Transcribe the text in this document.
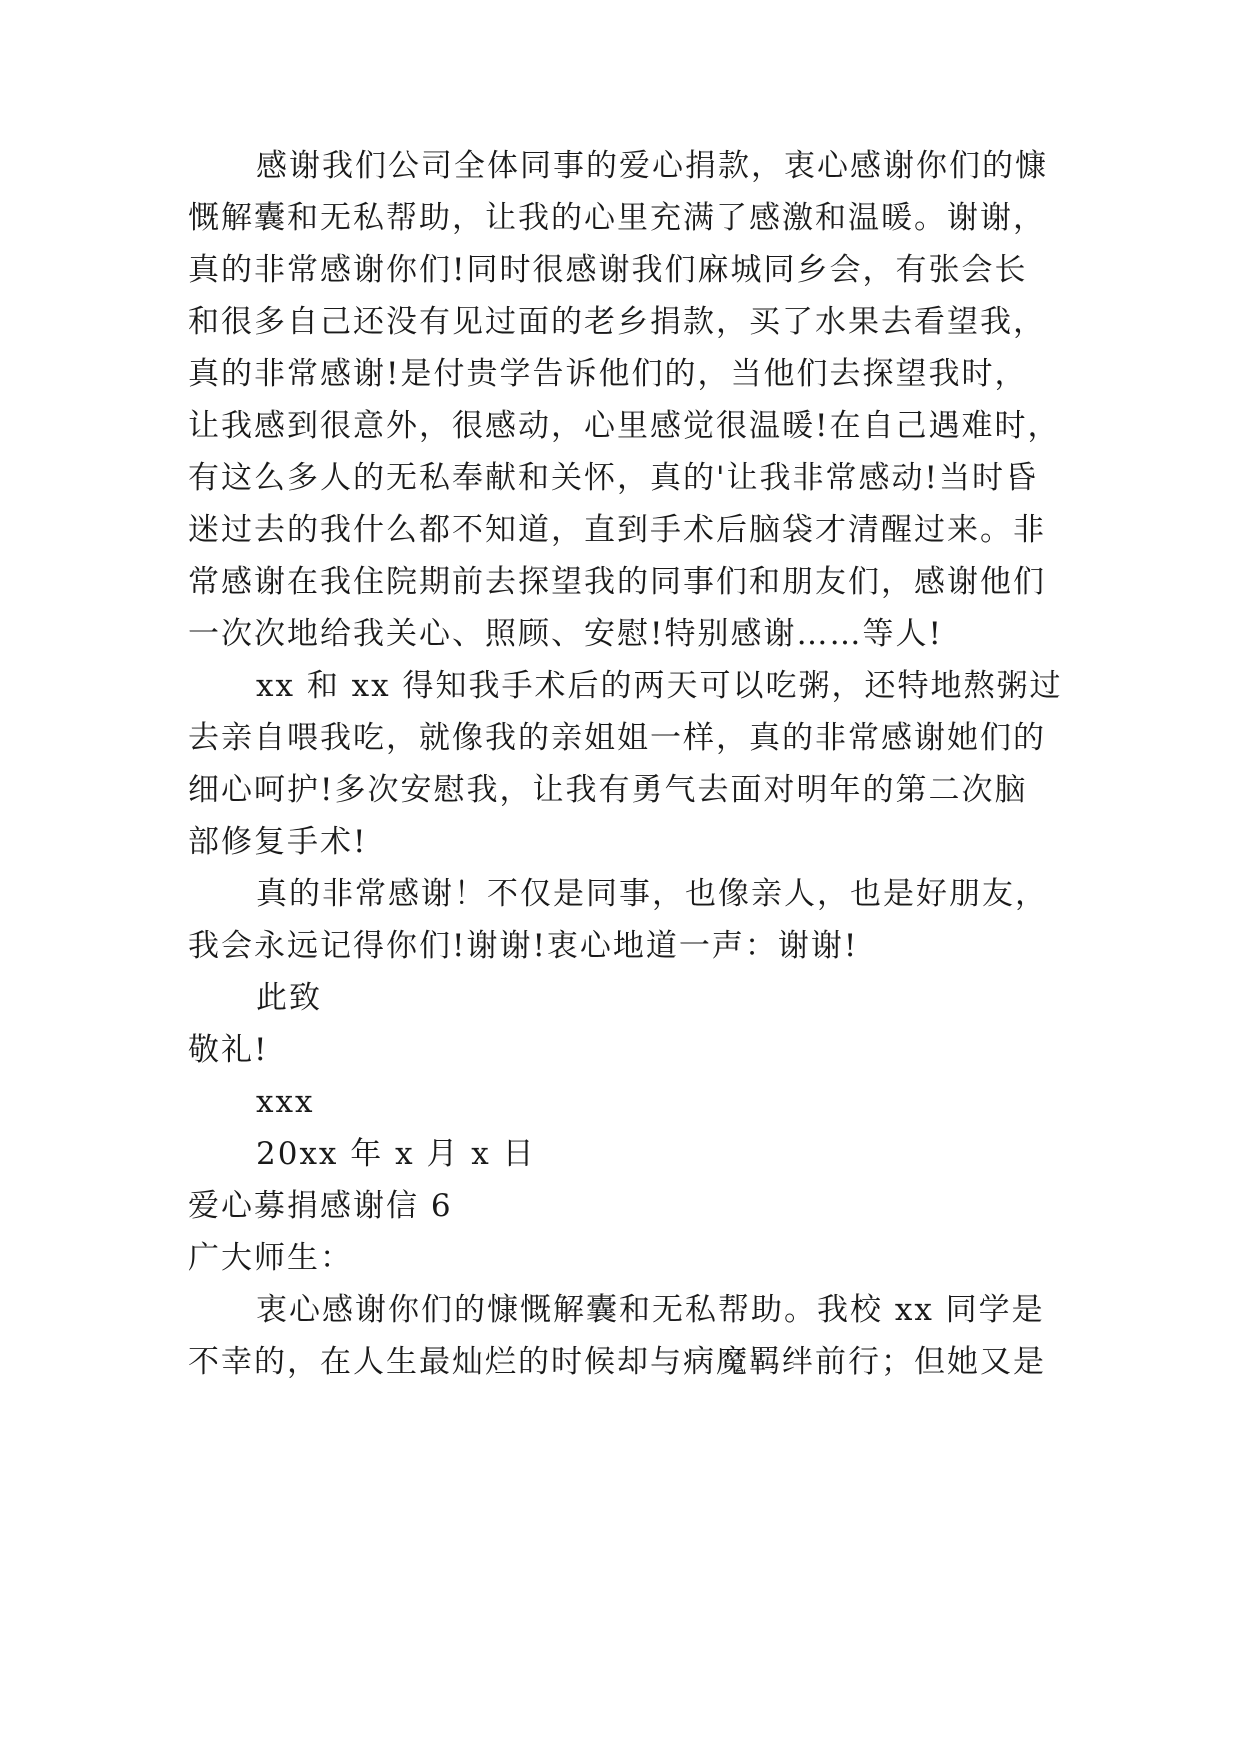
感谢我们公司全体同事的爱心捐款，衷心感谢你们的慷
慨解囊和无私帮助，让我的心里充满了感激和温暖。谢谢，
真的非常感谢你们!同时很感谢我们麻城同乡会，有张会长
和很多自己还没有见过面的老乡捐款，买了水果去看望我，
真的非常感谢!是付贵学告诉他们的，当他们去探望我时，
让我感到很意外，很感动，心里感觉很温暖!在自己遇难时，
有这么多人的无私奉献和关怀，真的'让我非常感动!当时昏
迷过去的我什么都不知道，直到手术后脑袋才清醒过来。非
常感谢在我住院期前去探望我的同事们和朋友们，感谢他们
一次次地给我关心、照顾、安慰!特别感谢……等人!
xx 和 xx 得知我手术后的两天可以吃粥，还特地熬粥过
去亲自喂我吃，就像我的亲姐姐一样，真的非常感谢她们的
细心呵护!多次安慰我，让我有勇气去面对明年的第二次脑
部修复手术!
真的非常感谢！不仅是同事，也像亲人，也是好朋友，
我会永远记得你们!谢谢!衷心地道一声：谢谢!
此致
敬礼!
xxx
20xx 年 x 月 x 日
爱心募捐感谢信 6
广大师生：
衷心感谢你们的慷慨解囊和无私帮助。我校 xx 同学是
不幸的，在人生最灿烂的时候却与病魔羁绊前行；但她又是
